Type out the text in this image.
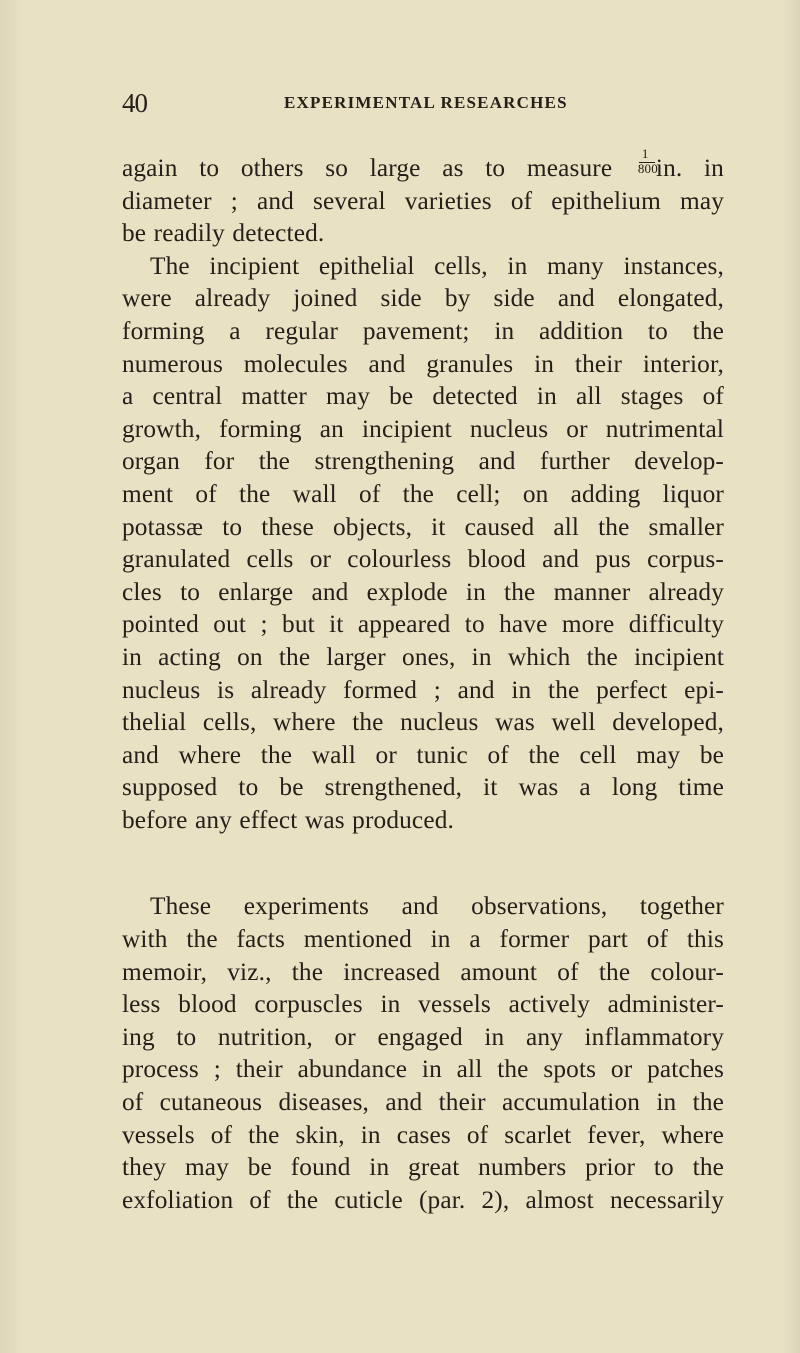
40	EXPERIMENTAL RESEARCHES
again to others so large as to measure $\frac{1}{800}$ in. in
diameter ; and several varieties of epithelium may
be readily detected.
The incipient epithelial cells, in many instances,
were already joined side by side and elongated,
forming a regular pavement; in addition to the
numerous molecules and granules in their interior,
a central matter may be detected in all stages of
growth, forming an incipient nucleus or nutrimental
organ for the strengthening and further develop-
ment of the wall of the cell; on adding liquor
potassæ to these objects, it caused all the smaller
granulated cells or colourless blood and pus corpus-
cles to enlarge and explode in the manner already
pointed out ; but it appeared to have more difficulty
in acting on the larger ones, in which the incipient
nucleus is already formed ; and in the perfect epi-
thelial cells, where the nucleus was well developed,
and where the wall or tunic of the cell may be
supposed to be strengthened, it was a long time
before any effect was produced.
These experiments and observations, together
with the facts mentioned in a former part of this
memoir, viz., the increased amount of the colour-
less blood corpuscles in vessels actively administer-
ing to nutrition, or engaged in any inflammatory
process ; their abundance in all the spots or patches
of cutaneous diseases, and their accumulation in the
vessels of the skin, in cases of scarlet fever, where
they may be found in great numbers prior to the
exfoliation of the cuticle (par. 2), almost necessarily
